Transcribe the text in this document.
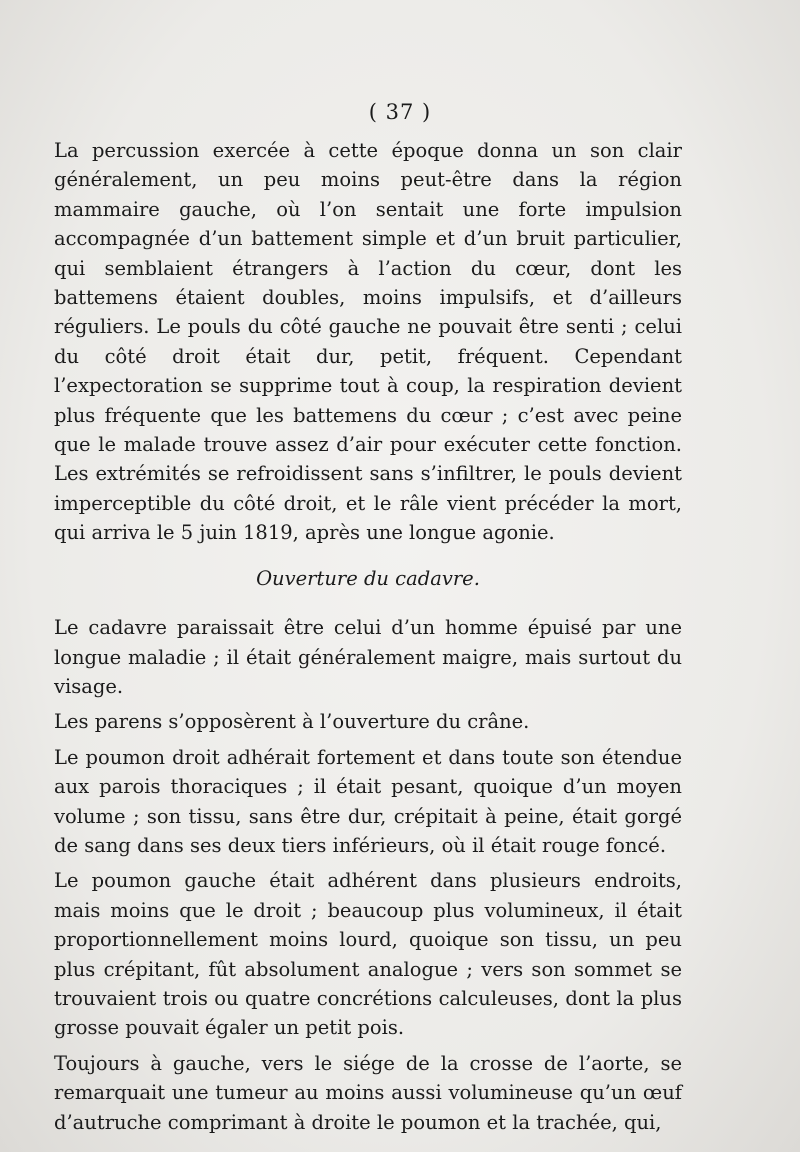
( 37 )

La percussion exercée à cette époque donna un son clair généralement, un peu moins peut-être dans la région mammaire gauche, où l’on sentait une forte impulsion accompagnée d’un battement simple et d’un bruit particulier, qui semblaient étrangers à l’action du cœur, dont les battemens étaient doubles, moins impulsifs, et d’ailleurs réguliers. Le pouls du côté gauche ne pouvait être senti ; celui du côté droit était dur, petit, fréquent. Cependant l’expectoration se supprime tout à coup, la respiration devient plus fréquente que les battemens du cœur ; c’est avec peine que le malade trouve assez d’air pour exécuter cette fonction. Les extrémités se refroidissent sans s’infiltrer, le pouls devient imperceptible du côté droit, et le râle vient précéder la mort, qui arriva le 5 juin 1819, après une longue agonie.

Ouverture du cadavre.

Le cadavre paraissait être celui d’un homme épuisé par une longue maladie ; il était généralement maigre, mais surtout du visage.

Les parens s’opposèrent à l’ouverture du crâne.

Le poumon droit adhérait fortement et dans toute son étendue aux parois thoraciques ; il était pesant, quoique d’un moyen volume ; son tissu, sans être dur, crépitait à peine, était gorgé de sang dans ses deux tiers inférieurs, où il était rouge foncé.

Le poumon gauche était adhérent dans plusieurs endroits, mais moins que le droit ; beaucoup plus volumineux, il était proportionnellement moins lourd, quoique son tissu, un peu plus crépitant, fût absolument analogue ; vers son sommet se trouvaient trois ou quatre concrétions calculeuses, dont la plus grosse pouvait égaler un petit pois.

Toujours à gauche, vers le siége de la crosse de l’aorte, se remarquait une tumeur au moins aussi volumineuse qu’un œuf d’autruche comprimant à droite le poumon et la trachée, qui,
